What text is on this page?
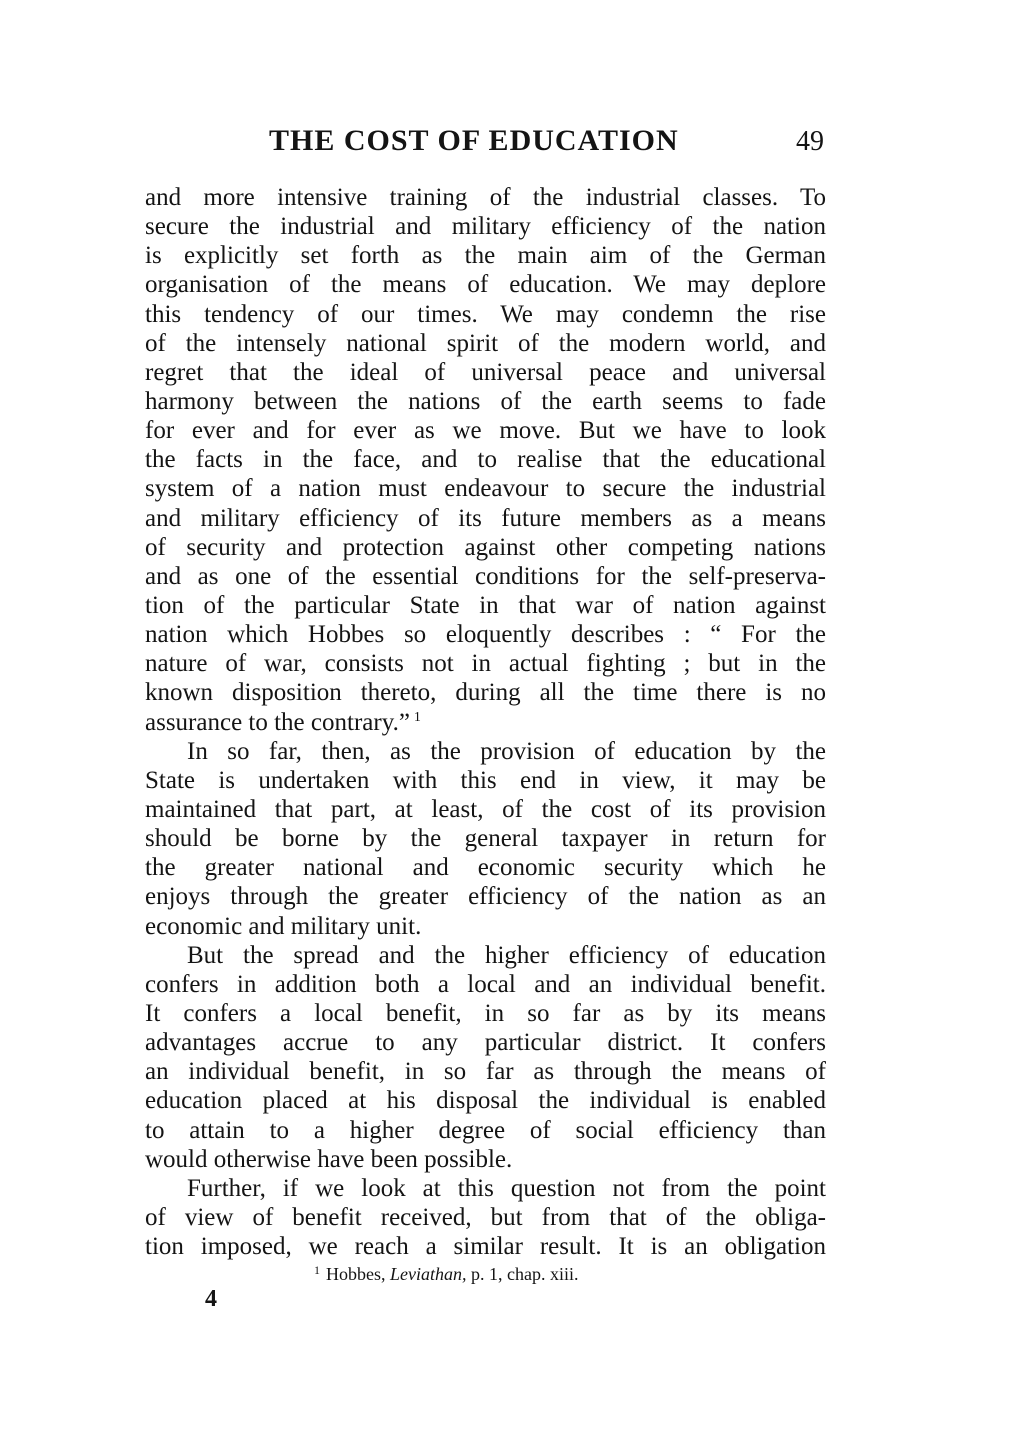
THE COST OF EDUCATION	49
and more intensive training of the industrial classes. To
secure the industrial and military efficiency of the nation
is explicitly set forth as the main aim of the German
organisation of the means of education. We may deplore
this tendency of our times. We may condemn the rise
of the intensely national spirit of the modern world, and
regret that the ideal of universal peace and universal
harmony between the nations of the earth seems to fade
for ever and for ever as we move. But we have to look
the facts in the face, and to realise that the educational
system of a nation must endeavour to secure the industrial
and military efficiency of its future members as a means
of security and protection against other competing nations
and as one of the essential conditions for the self-preserva-
tion of the particular State in that war of nation against
nation which Hobbes so eloquently describes : “ For the
nature of war, consists not in actual fighting ; but in the
known disposition thereto, during all the time there is no
assurance to the contrary.” $^1$
In so far, then, as the provision of education by the
State is undertaken with this end in view, it may be
maintained that part, at least, of the cost of its provision
should be borne by the general taxpayer in return for
the greater national and economic security which he
enjoys through the greater efficiency of the nation as an
economic and military unit.
But the spread and the higher efficiency of education
confers in addition both a local and an individual benefit.
It confers a local benefit, in so far as by its means
advantages accrue to any particular district. It confers
an individual benefit, in so far as through the means of
education placed at his disposal the individual is enabled
to attain to a higher degree of social efficiency than
would otherwise have been possible.
Further, if we look at this question not from the point
of view of benefit received, but from that of the obliga-
tion imposed, we reach a similar result. It is an obligation
$^1$ Hobbes, Leviathan, p. 1, chap. xiii.
4
